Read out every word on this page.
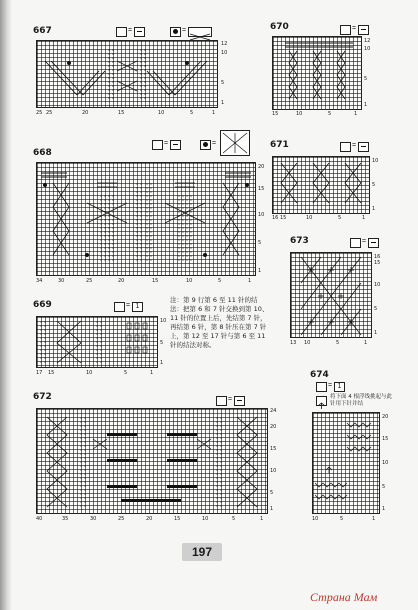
667	=	=
12
10
5
1
25 25	20	15	10	5	1
670	=
12
10
5
1
15	10	5	1
668
=	=
20
15
10
5
1
34	30	25	20	15	10	5	1
671	=
10
5
1
16 15	10	5	1
673	=
16
15
10
5
1
13 10	5	1
669	= 1
10
5
1
17 15	10	5	1
注：第 9 行第 6 至 11 针的结法：把第 6 和 7 针交换到第 10、11 针的位置上后，先结第 7 针，再结第 6 针，第 8 针压在第 7 针上，第 12 至 17 针与第 6 至 11 针的结法对称。
674
= 1
将下面 4 根浮线挑起与此针用下针并结
20
15
10
5
1
10	5	1
672	=
24
20
15
10
5
1
40	35	30	25	20	15	10	5	1
197
Страна Мам
